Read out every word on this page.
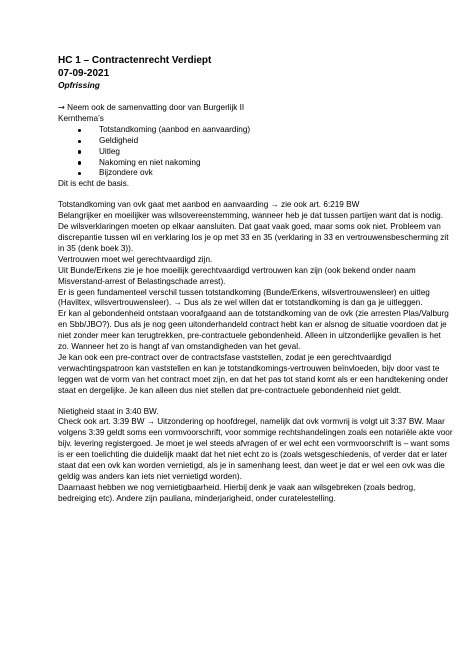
HC 1 – Contractenrecht Verdiept

07-09-2021

Opfrissing

→ Neem ook de samenvatting door van Burgerlijk II

Kernthema’s

Totstandkoming (aanbod en aanvaarding)
Geldigheid
Uitleg
Nakoming en niet nakoming
Bijzondere ovk

Dit is echt de basis.

Totstandkoming van ovk gaat met aanbod en aanvaarding → zie ook art. 6:219 BW

Belangrijker en moeilijker was wilsovereenstemming, wanneer heb je dat tussen partijen want dat is nodig. De wilsverklaringen moeten op elkaar aansluiten. Dat gaat vaak goed, maar soms ook niet. Probleem van discrepantie tussen wil en verklaring los je op met 33 en 35 (verklaring in 33 en vertrouwensbescherming zit in 35 (denk boek 3)).

Vertrouwen moet wel gerechtvaardigd zijn.

Uit Bunde/Erkens zie je hoe moeilijk gerechtvaardigd vertrouwen kan zijn (ook bekend onder naam Misverstand-arrest of Belastingschade arrest).

Er is geen fundamenteel verschil tussen totstandkoming (Bunde/Erkens, wilsvertrouwensleer) en uitleg (Haviltex, wilsvertrouwensleer). → Dus als ze wel willen dat er totstandkoming is dan ga je uitleggen.

Er kan al gebondenheid ontstaan voorafgaand aan de totstandkoming van de ovk (zie arresten Plas/Valburg en Sbb/JBO?). Dus als je nog geen uitonderhandeld contract hebt kan er alsnog de situatie voordoen dat je niet zonder meer kan terugtrekken, pre-contractuele gebondenheid. Alleen in uitzonderlijke gevallen is het zo. Wanneer het zo is hangt af van omstandigheden van het geval.

Je kan ook een pre-contract over de contractsfase vaststellen, zodat je een gerechtvaardigd verwachtingspatroon kan vaststellen en kan je totstandkomings-vertrouwen beïnvloeden, bijv door vast te leggen wat de vorm van het contract moet zijn, en dat het pas tot stand komt als er een handtekening onder staat en dergelijke. Je kan alleen dus niet stellen dat pre-contractuele gebondenheid niet geldt.

Nietigheid staat in 3:40 BW.

Check ook art. 3:39 BW → Uitzondering op hoofdregel, namelijk dat ovk vormvrij is volgt uit 3:37 BW. Maar volgens 3:39 geldt soms een vormvoorschrift, voor sommige rechtshandelingen zoals een notariële akte voor bijv. levering registergoed. Je moet je wel steeds afvragen of er wel echt een vormvoorschrift is – want soms is er een toelichting die duidelijk maakt dat het niet echt zo is (zoals wetsgeschiedenis, of verder dat er later staat dat een ovk kan worden vernietigd, als je in samenhang leest, dan weet je dat er wel een ovk was die geldig was anders kan iets niet vernietigd worden).

Daarnaast hebben we nog vernietigbaarheid. Hierbij denk je vaak aan wilsgebreken (zoals bedrog, bedreiging etc). Andere zijn pauliana, minderjarigheid, onder curatelestelling.
